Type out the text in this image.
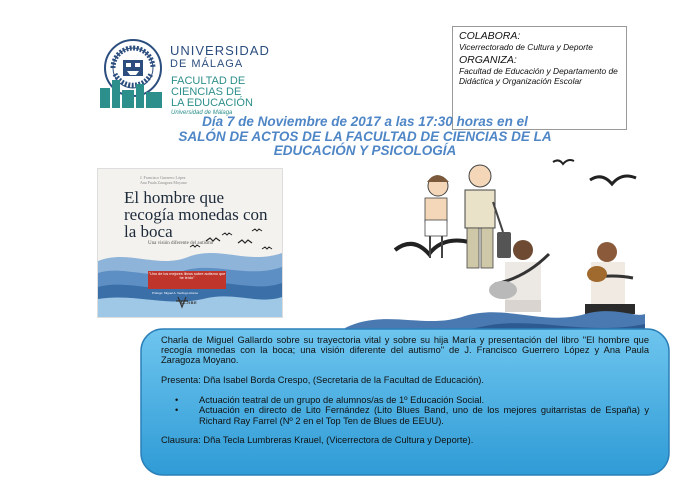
UNIVERSIDAD
DE MÁLAGA
FACULTAD DE
CIENCIAS DE
LA EDUCACIÓN
Universidad de Málaga
COLABORA:
Vicerrectorado de Cultura y Deporte
ORGANIZA:
Facultad de Educación y Departamento de Didáctica y Organización Escolar
Día 7 de Noviembre de 2017 a las 17:30 horas en el
SALÓN DE ACTOS DE LA FACULTAD DE CIENCIAS DE LA
EDUCACIÓN Y PSICOLOGÍA
J. Francisco Guerrero López
Ana Paula Zaragoza Moyano
El hombre que recogía monedas con la boca
Una visión diferente del autismo
"Uno de los mejores libros sobre autismo que he leído"
Prólogo: Miguel A. Verdugo Alonso
ALJIBE

Charla de Miguel Gallardo sobre su trayectoria vital y sobre su hija María y presentación del libro "El hombre que recogía monedas con la boca; una visión diferente del autismo" de J. Francisco Guerrero López y Ana Paula Zaragoza Moyano.

Presenta: Dña Isabel Borda Crespo, (Secretaria de la Facultad de Educación).

• Actuación teatral de un grupo de alumnos/as de 1º Educación Social.
• Actuación en directo de Lito Fernández (Lito Blues Band, uno de los mejores guitarristas de España) y Richard Ray Farrel (Nº 2 en el Top Ten de Blues de EEUU).

Clausura: Dña Tecla Lumbreras Krauel, (Vicerrectora de Cultura y Deporte).
